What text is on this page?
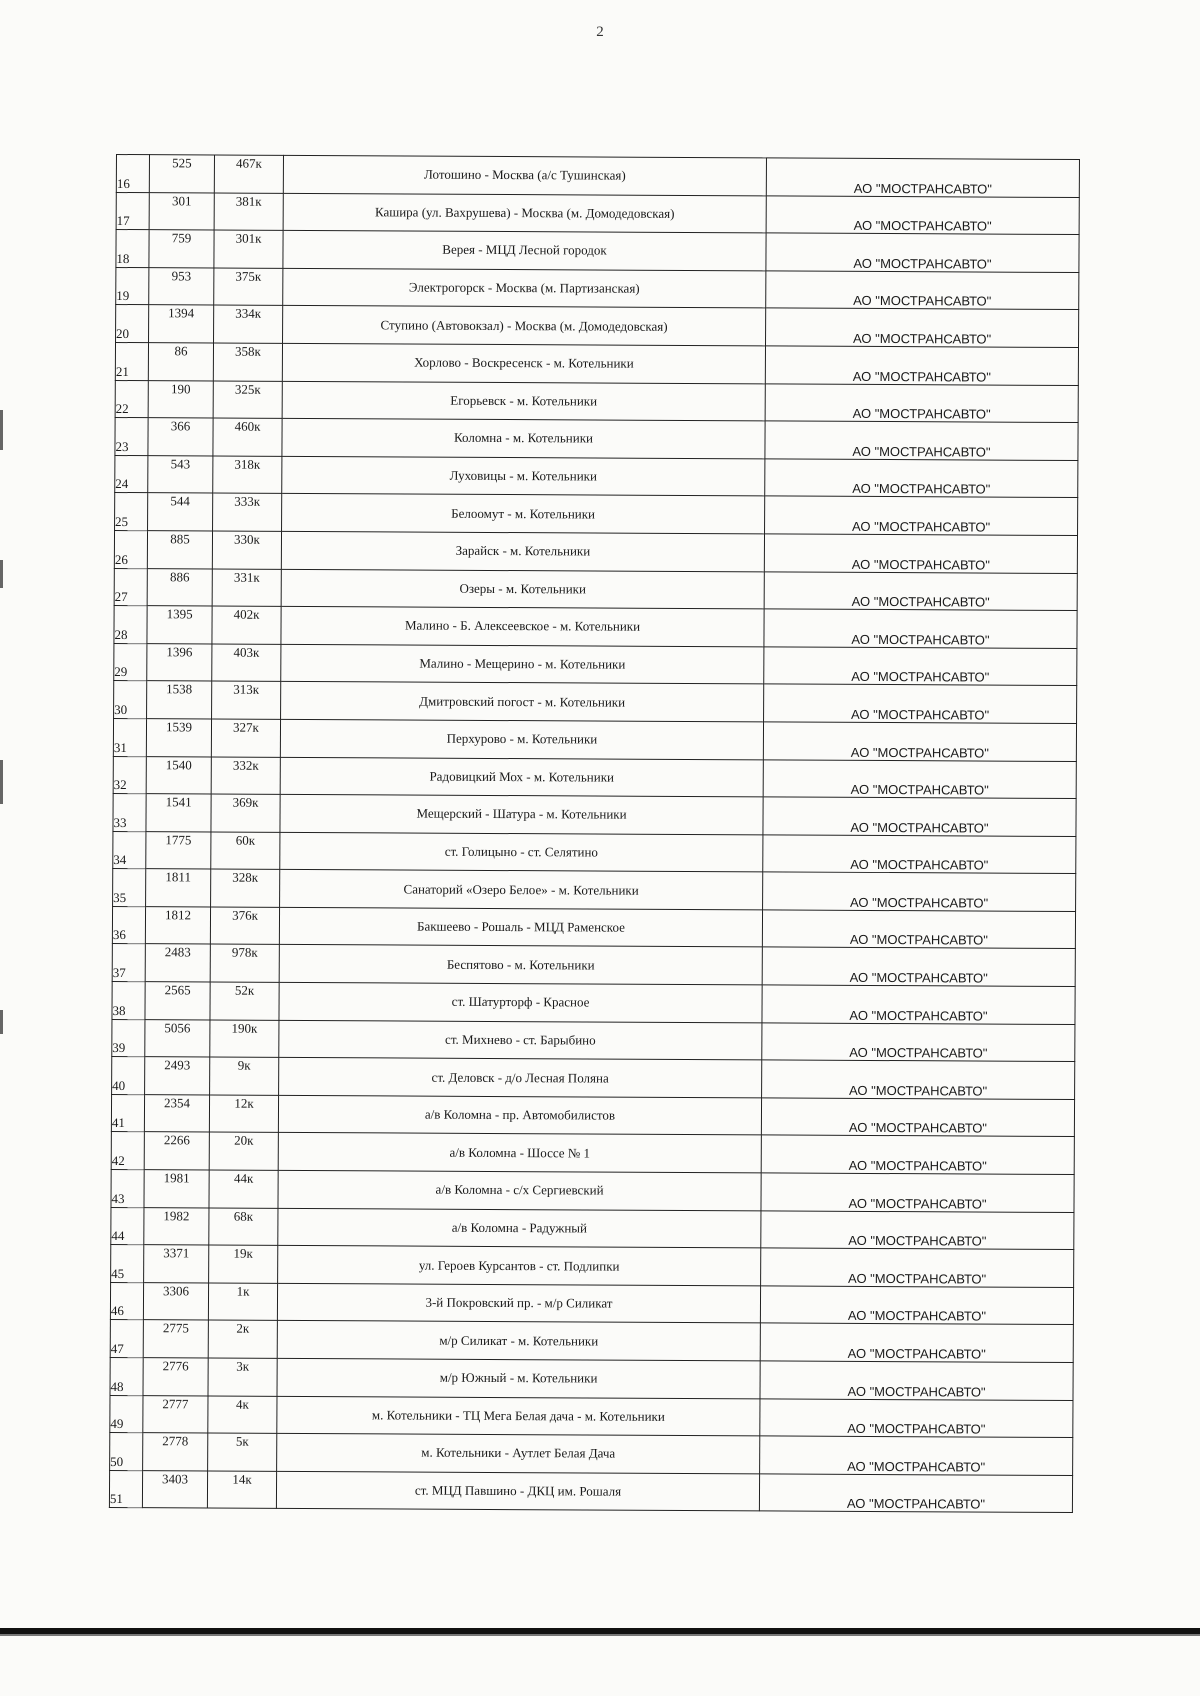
2
16	525	467к	Лотошино - Москва (а/с Тушинская)	АО "МОСТРАНСАВТО"
17	301	381к	Кашира (ул. Вахрушева) - Москва (м. Домодедовская)	АО "МОСТРАНСАВТО"
18	759	301к	Верея - МЦД Лесной городок	АО "МОСТРАНСАВТО"
19	953	375к	Электрогорск - Москва (м. Партизанская)	АО "МОСТРАНСАВТО"
20	1394	334к	Ступино (Автовокзал) - Москва (м. Домодедовская)	АО "МОСТРАНСАВТО"
21	86	358к	Хорлово - Воскресенск - м. Котельники	АО "МОСТРАНСАВТО"
22	190	325к	Егорьевск - м. Котельники	АО "МОСТРАНСАВТО"
23	366	460к	Коломна - м. Котельники	АО "МОСТРАНСАВТО"
24	543	318к	Луховицы - м. Котельники	АО "МОСТРАНСАВТО"
25	544	333к	Белоомут - м. Котельники	АО "МОСТРАНСАВТО"
26	885	330к	Зарайск - м. Котельники	АО "МОСТРАНСАВТО"
27	886	331к	Озеры - м. Котельники	АО "МОСТРАНСАВТО"
28	1395	402к	Малино - Б. Алексеевское - м. Котельники	АО "МОСТРАНСАВТО"
29	1396	403к	Малино - Мещерино - м. Котельники	АО "МОСТРАНСАВТО"
30	1538	313к	Дмитровский погост - м. Котельники	АО "МОСТРАНСАВТО"
31	1539	327к	Перхурово - м. Котельники	АО "МОСТРАНСАВТО"
32	1540	332к	Радовицкий Мох - м. Котельники	АО "МОСТРАНСАВТО"
33	1541	369к	Мещерский - Шатура - м. Котельники	АО "МОСТРАНСАВТО"
34	1775	60к	ст. Голицыно - ст. Селятино	АО "МОСТРАНСАВТО"
35	1811	328к	Санаторий «Озеро Белое» - м. Котельники	АО "МОСТРАНСАВТО"
36	1812	376к	Бакшеево - Рошаль - МЦД Раменское	АО "МОСТРАНСАВТО"
37	2483	978к	Беспятово - м. Котельники	АО "МОСТРАНСАВТО"
38	2565	52к	ст. Шатурторф - Красное	АО "МОСТРАНСАВТО"
39	5056	190к	ст. Михнево - ст. Барыбино	АО "МОСТРАНСАВТО"
40	2493	9к	ст. Деловск - д/о Лесная Поляна	АО "МОСТРАНСАВТО"
41	2354	12к	а/в Коломна - пр. Автомобилистов	АО "МОСТРАНСАВТО"
42	2266	20к	а/в Коломна - Шоссе № 1	АО "МОСТРАНСАВТО"
43	1981	44к	а/в Коломна - с/х Сергиевский	АО "МОСТРАНСАВТО"
44	1982	68к	а/в Коломна - Радужный	АО "МОСТРАНСАВТО"
45	3371	19к	ул. Героев Курсантов - ст. Подлипки	АО "МОСТРАНСАВТО"
46	3306	1к	3-й Покровский пр. - м/р Силикат	АО "МОСТРАНСАВТО"
47	2775	2к	м/р Силикат - м. Котельники	АО "МОСТРАНСАВТО"
48	2776	3к	м/р Южный - м. Котельники	АО "МОСТРАНСАВТО"
49	2777	4к	м. Котельники - ТЦ Мега Белая дача - м. Котельники	АО "МОСТРАНСАВТО"
50	2778	5к	м. Котельники - Аутлет Белая Дача	АО "МОСТРАНСАВТО"
51	3403	14к	ст. МЦД Павшино - ДКЦ им. Рошаля	АО "МОСТРАНСАВТО"
